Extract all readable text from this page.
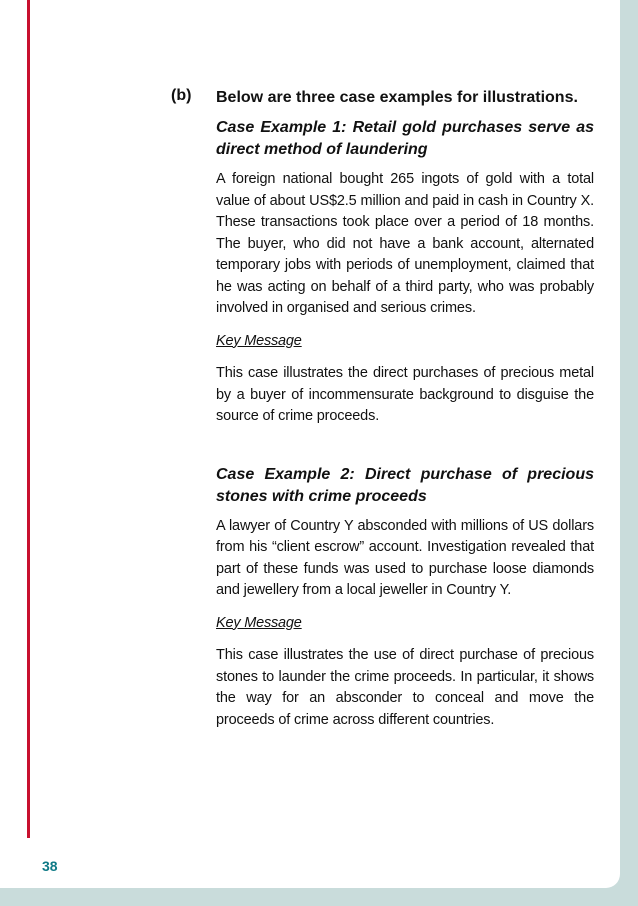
(b) Below are three case examples for illustrations.

Case Example 1: Retail gold purchases serve as direct method of laundering

A foreign national bought 265 ingots of gold with a total value of about US$2.5 million and paid in cash in Country X. These transactions took place over a period of 18 months. The buyer, who did not have a bank account, alternated temporary jobs with periods of unemployment, claimed that he was acting on behalf of a third party, who was probably involved in organised and serious crimes.

Key Message

This case illustrates the direct purchases of precious metal by a buyer of incommensurate background to disguise the source of crime proceeds.

Case Example 2: Direct purchase of precious stones with crime proceeds

A lawyer of Country Y absconded with millions of US dollars from his “client escrow” account. Investigation revealed that part of these funds was used to purchase loose diamonds and jewellery from a local jeweller in Country Y.

Key Message

This case illustrates the use of direct purchase of precious stones to launder the crime proceeds. In particular, it shows the way for an absconder to conceal and move the proceeds of crime across different countries.

38
